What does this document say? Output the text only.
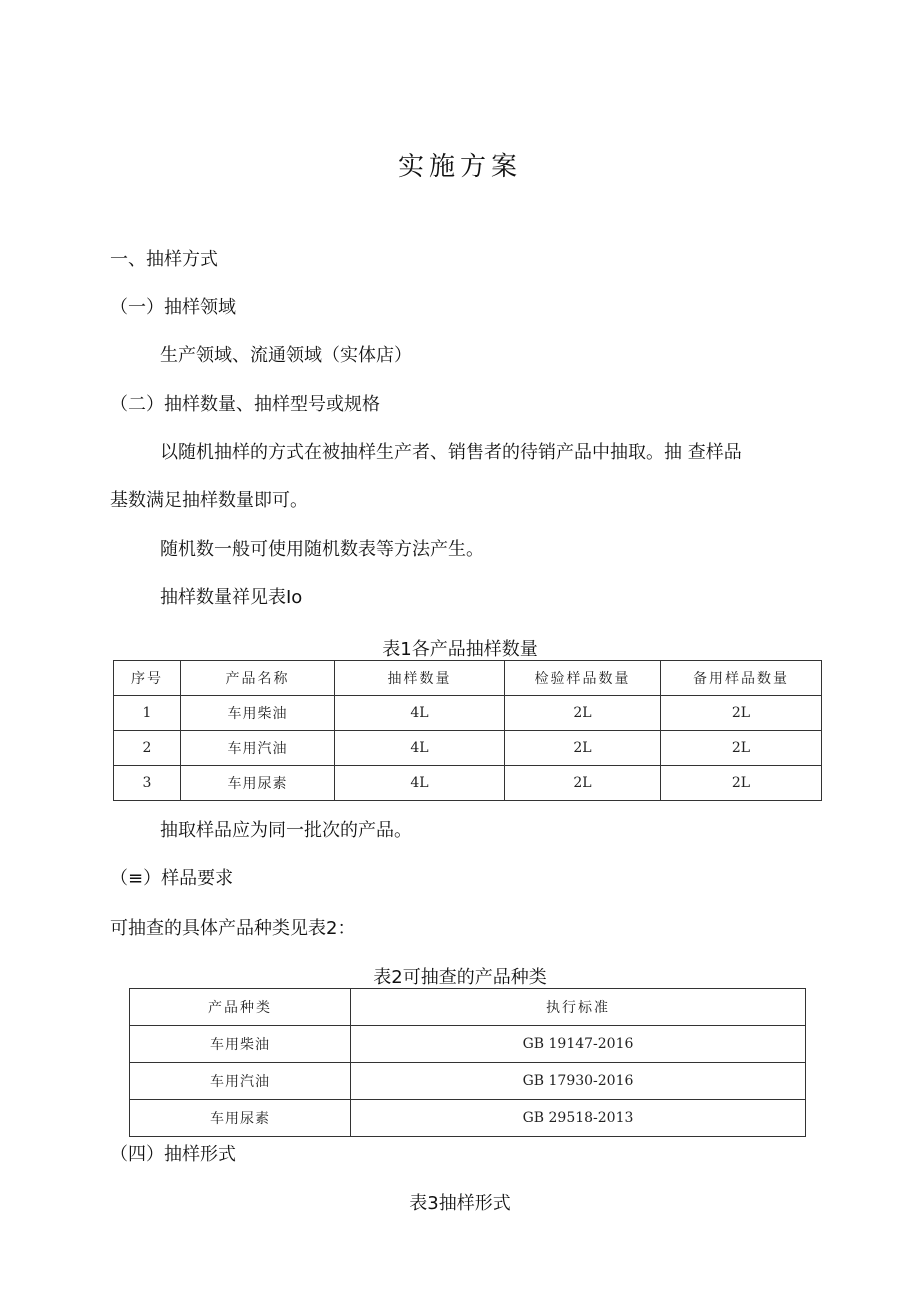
实施方案
一、抽样方式
（一）抽样领域
生产领域、流通领域（实体店）
（二）抽样数量、抽样型号或规格
以随机抽样的方式在被抽样生产者、销售者的待销产品中抽取。抽 查样品
基数满足抽样数量即可。
随机数一般可使用随机数表等方法产生。
抽样数量祥见表Io
表1各产品抽样数量
序号	产品名称	抽样数量	检验样品数量	备用样品数量
1	车用柴油	4L	2L	2L
2	车用汽油	4L	2L	2L
3	车用尿素	4L	2L	2L
抽取样品应为同一批次的产品。
（≡）样品要求
可抽查的具体产品种类见表2：
表2可抽查的产品种类
产品种类	执行标准
车用柴油	GB 19147-2016
车用汽油	GB 17930-2016
车用尿素	GB 29518-2013
（四）抽样形式
表3抽样形式
